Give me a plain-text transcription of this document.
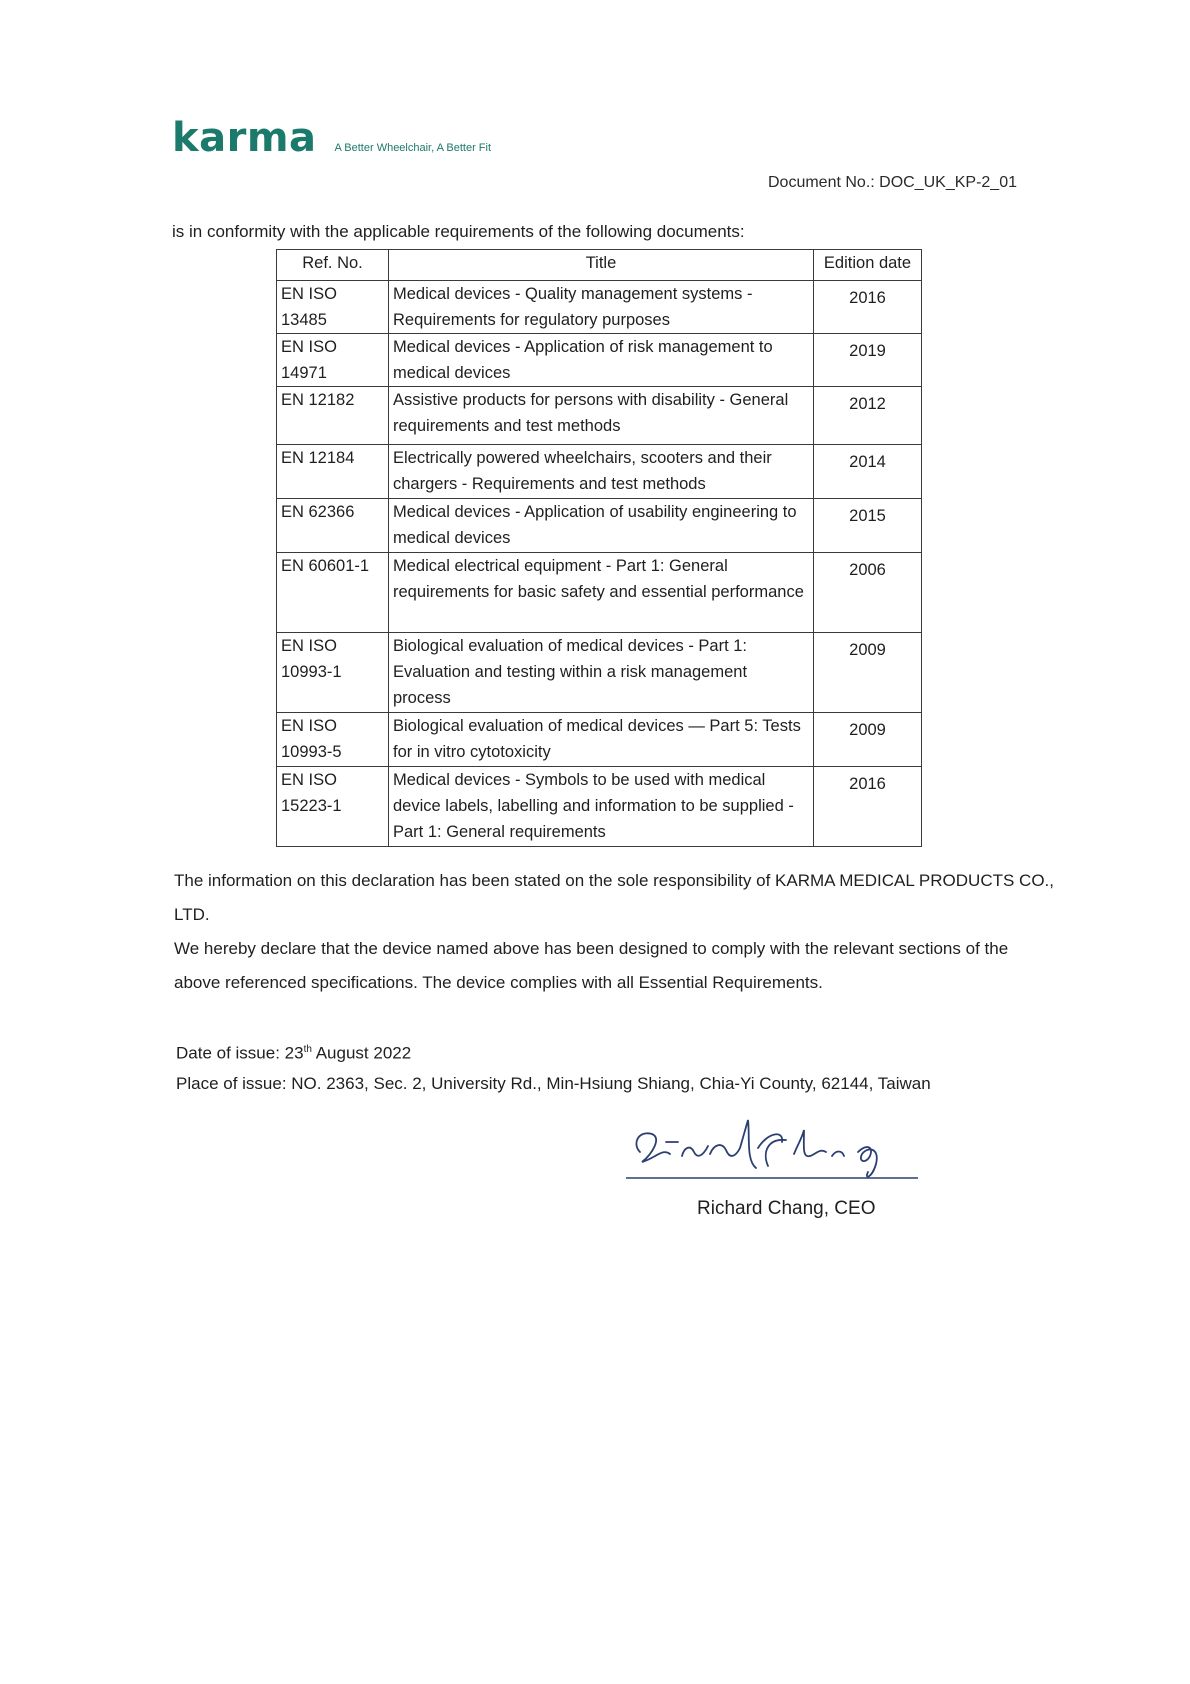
karma A Better Wheelchair, A Better Fit
Document No.: DOC_UK_KP-2_01
is in conformity with the applicable requirements of the following documents:
Ref. No.	Title	Edition date
EN ISO 13485	Medical devices - Quality management systems - Requirements for regulatory purposes	2016
EN ISO 14971	Medical devices - Application of risk management to medical devices	2019
EN 12182	Assistive products for persons with disability - General requirements and test methods	2012
EN 12184	Electrically powered wheelchairs, scooters and their chargers - Requirements and test methods	2014
EN 62366	Medical devices - Application of usability engineering to medical devices	2015
EN 60601-1	Medical electrical equipment - Part 1: General requirements for basic safety and essential performance	2006
EN ISO 10993-1	Biological evaluation of medical devices - Part 1: Evaluation and testing within a risk management process	2009
EN ISO 10993-5	Biological evaluation of medical devices — Part 5: Tests for in vitro cytotoxicity	2009
EN ISO 15223-1	Medical devices - Symbols to be used with medical device labels, labelling and information to be supplied - Part 1: General requirements	2016

The information on this declaration has been stated on the sole responsibility of KARMA MEDICAL PRODUCTS CO., LTD.

We hereby declare that the device named above has been designed to comply with the relevant sections of the above referenced specifications. The device complies with all Essential Requirements.

Date of issue: 23th August 2022

Place of issue: NO. 2363, Sec. 2, University Rd., Min-Hsiung Shiang, Chia-Yi County, 62144, Taiwan

Richard Chang, CEO
